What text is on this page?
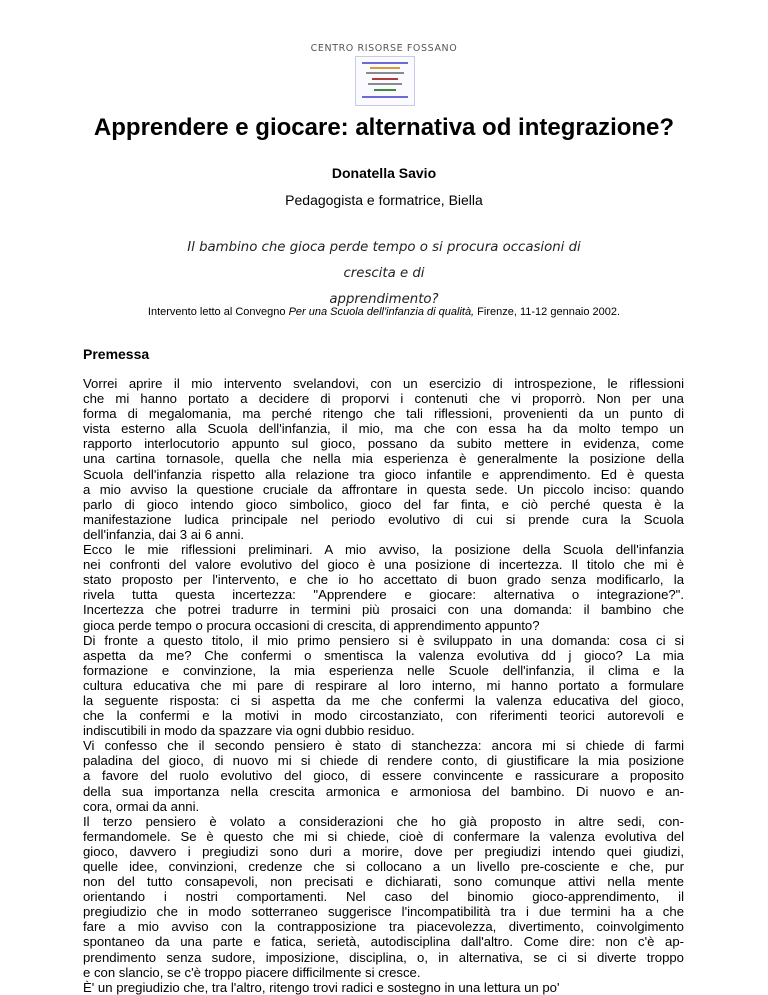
CENTRO RISORSE FOSSANO
Apprendere e giocare: alternativa od integrazione?
Donatella Savio
Pedagogista e formatrice, Biella
Il bambino che gioca perde tempo o si procura occasioni di crescita e di
apprendimento?
Intervento letto al Convegno Per una Scuola dell'infanzia di qualità, Firenze, 11-12 gennaio 2002.
Premessa
Vorrei aprire il mio intervento svelandovi, con un esercizio di introspezione, le riflessioni
che mi hanno portato a decidere di proporvi i contenuti che vi proporrò. Non per una
forma di megalomania, ma perché ritengo che tali riflessioni, provenienti da un punto di
vista esterno alla Scuola dell'infanzia, il mio, ma che con essa ha da molto tempo un
rapporto interlocutorio appunto sul gioco, possano da subito mettere in evidenza, come
una cartina tornasole, quella che nella mia esperienza è generalmente la posizione della
Scuola dell'infanzia rispetto alla relazione tra gioco infantile e apprendimento. Ed è questa
a mio avviso la questione cruciale da affrontare in questa sede. Un piccolo inciso: quando
parlo di gioco intendo gioco simbolico, gioco del far finta, e ciò perché questa è la
manifestazione ludica principale nel periodo evolutivo di cui si prende cura la Scuola
dell'infanzia, dai 3 ai 6 anni.
Ecco le mie riflessioni preliminari. A mio avviso, la posizione della Scuola dell'infanzia
nei confronti del valore evolutivo del gioco è una posizione di incertezza. Il titolo che mi è
stato proposto per l'intervento, e che io ho accettato di buon grado senza modificarlo, la
rivela tutta questa incertezza: "Apprendere e giocare: alternativa o integrazione?".
Incertezza che potrei tradurre in termini più prosaici con una domanda: il bambino che
gioca perde tempo o procura occasioni di crescita, di apprendimento appunto?
Di fronte a questo titolo, il mio primo pensiero si è sviluppato in una domanda: cosa ci si
aspetta da me? Che confermi o smentisca la valenza evolutiva dd j gioco? La mia
formazione e convinzione, la mia esperienza nelle Scuole dell'infanzia, il clima e la
cultura educativa che mi pare di respirare al loro interno, mi hanno portato a formulare
la seguente risposta: ci si aspetta da me che confermi la valenza educativa del gioco,
che la confermi e la motivi in modo circostanziato, con riferimenti teorici autorevoli e
indiscutibili in modo da spazzare via ogni dubbio residuo.
Vi confesso che il secondo pensiero è stato di stanchezza: ancora mi si chiede di farmi
paladina del gioco, di nuovo mi si chiede di rendere conto, di giustificare la mia posizione
a favore del ruolo evolutivo del gioco, di essere convincente e rassicurare a proposito
della sua importanza nella crescita armonica e armoniosa del bambino. Di nuovo e an-
cora, ormai da anni.
Il terzo pensiero è volato a considerazioni che ho già proposto in altre sedi, con-
fermandomele. Se è questo che mi si chiede, cioè di confermare la valenza evolutiva del
gioco, davvero i pregiudizi sono duri a morire, dove per pregiudizi intendo quei giudizi,
quelle idee, convinzioni, credenze che si collocano a un livello pre-cosciente e che, pur
non del tutto consapevoli, non precisati e dichiarati, sono comunque attivi nella mente
orientando i nostri comportamenti. Nel caso del binomio gioco-apprendimento, il
pregiudizio che in modo sotterraneo suggerisce l'incompatibilità tra i due termini ha a che
fare a mio avviso con la contrapposizione tra piacevolezza, divertimento, coinvolgimento
spontaneo da una parte e fatica, serietà, autodisciplina dall'altro. Come dire: non c'è ap-
prendimento senza sudore, imposizione, disciplina, o, in alternativa, se ci si diverte troppo
e con slancio, se c'è troppo piacere difficilmente si cresce.
È' un pregiudizio che, tra l'altro, ritengo trovi radici e sostegno in una lettura un po'
